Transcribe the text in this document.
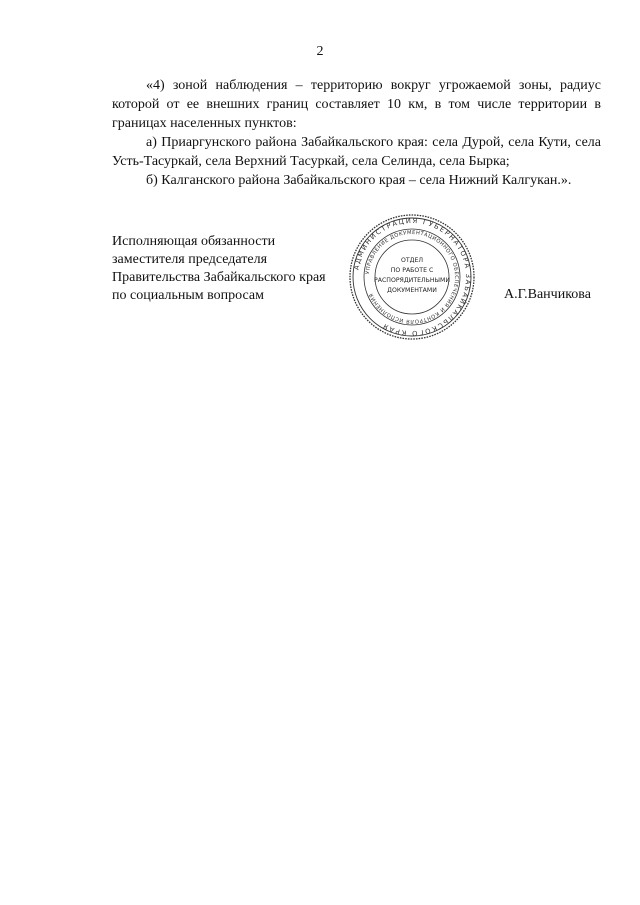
2

«4) зоной наблюдения – территорию вокруг угрожаемой зоны, радиус которой от ее внешних границ составляет 10 км, в том числе территории в границах населенных пунктов:

а) Приаргунского района Забайкальского края: села Дурой, села Кути, села Усть-Тасуркай, села Верхний Тасуркай, села Селинда, села Бырка;

б) Калганского района Забайкальского края – села Нижний Калгукан.».

Исполняющая обязанности
заместителя председателя
Правительства Забайкальского края
по социальным вопросам
АДМИНИСТРАЦИЯ ГУБЕРНАТОРА ЗАБАЙКАЛЬСКОГО КРАЯ
УПРАВЛЕНИЕ ДОКУМЕНТАЦИОННОГО ОБЕСПЕЧЕНИЯ И КОНТРОЛЯ ИСПОЛНЕНИЯ
ОТДЕЛ
ПО РАБОТЕ С
РАСПОРЯДИТЕЛЬНЫМИ
ДОКУМЕНТАМИ	А.Г.Ванчикова
